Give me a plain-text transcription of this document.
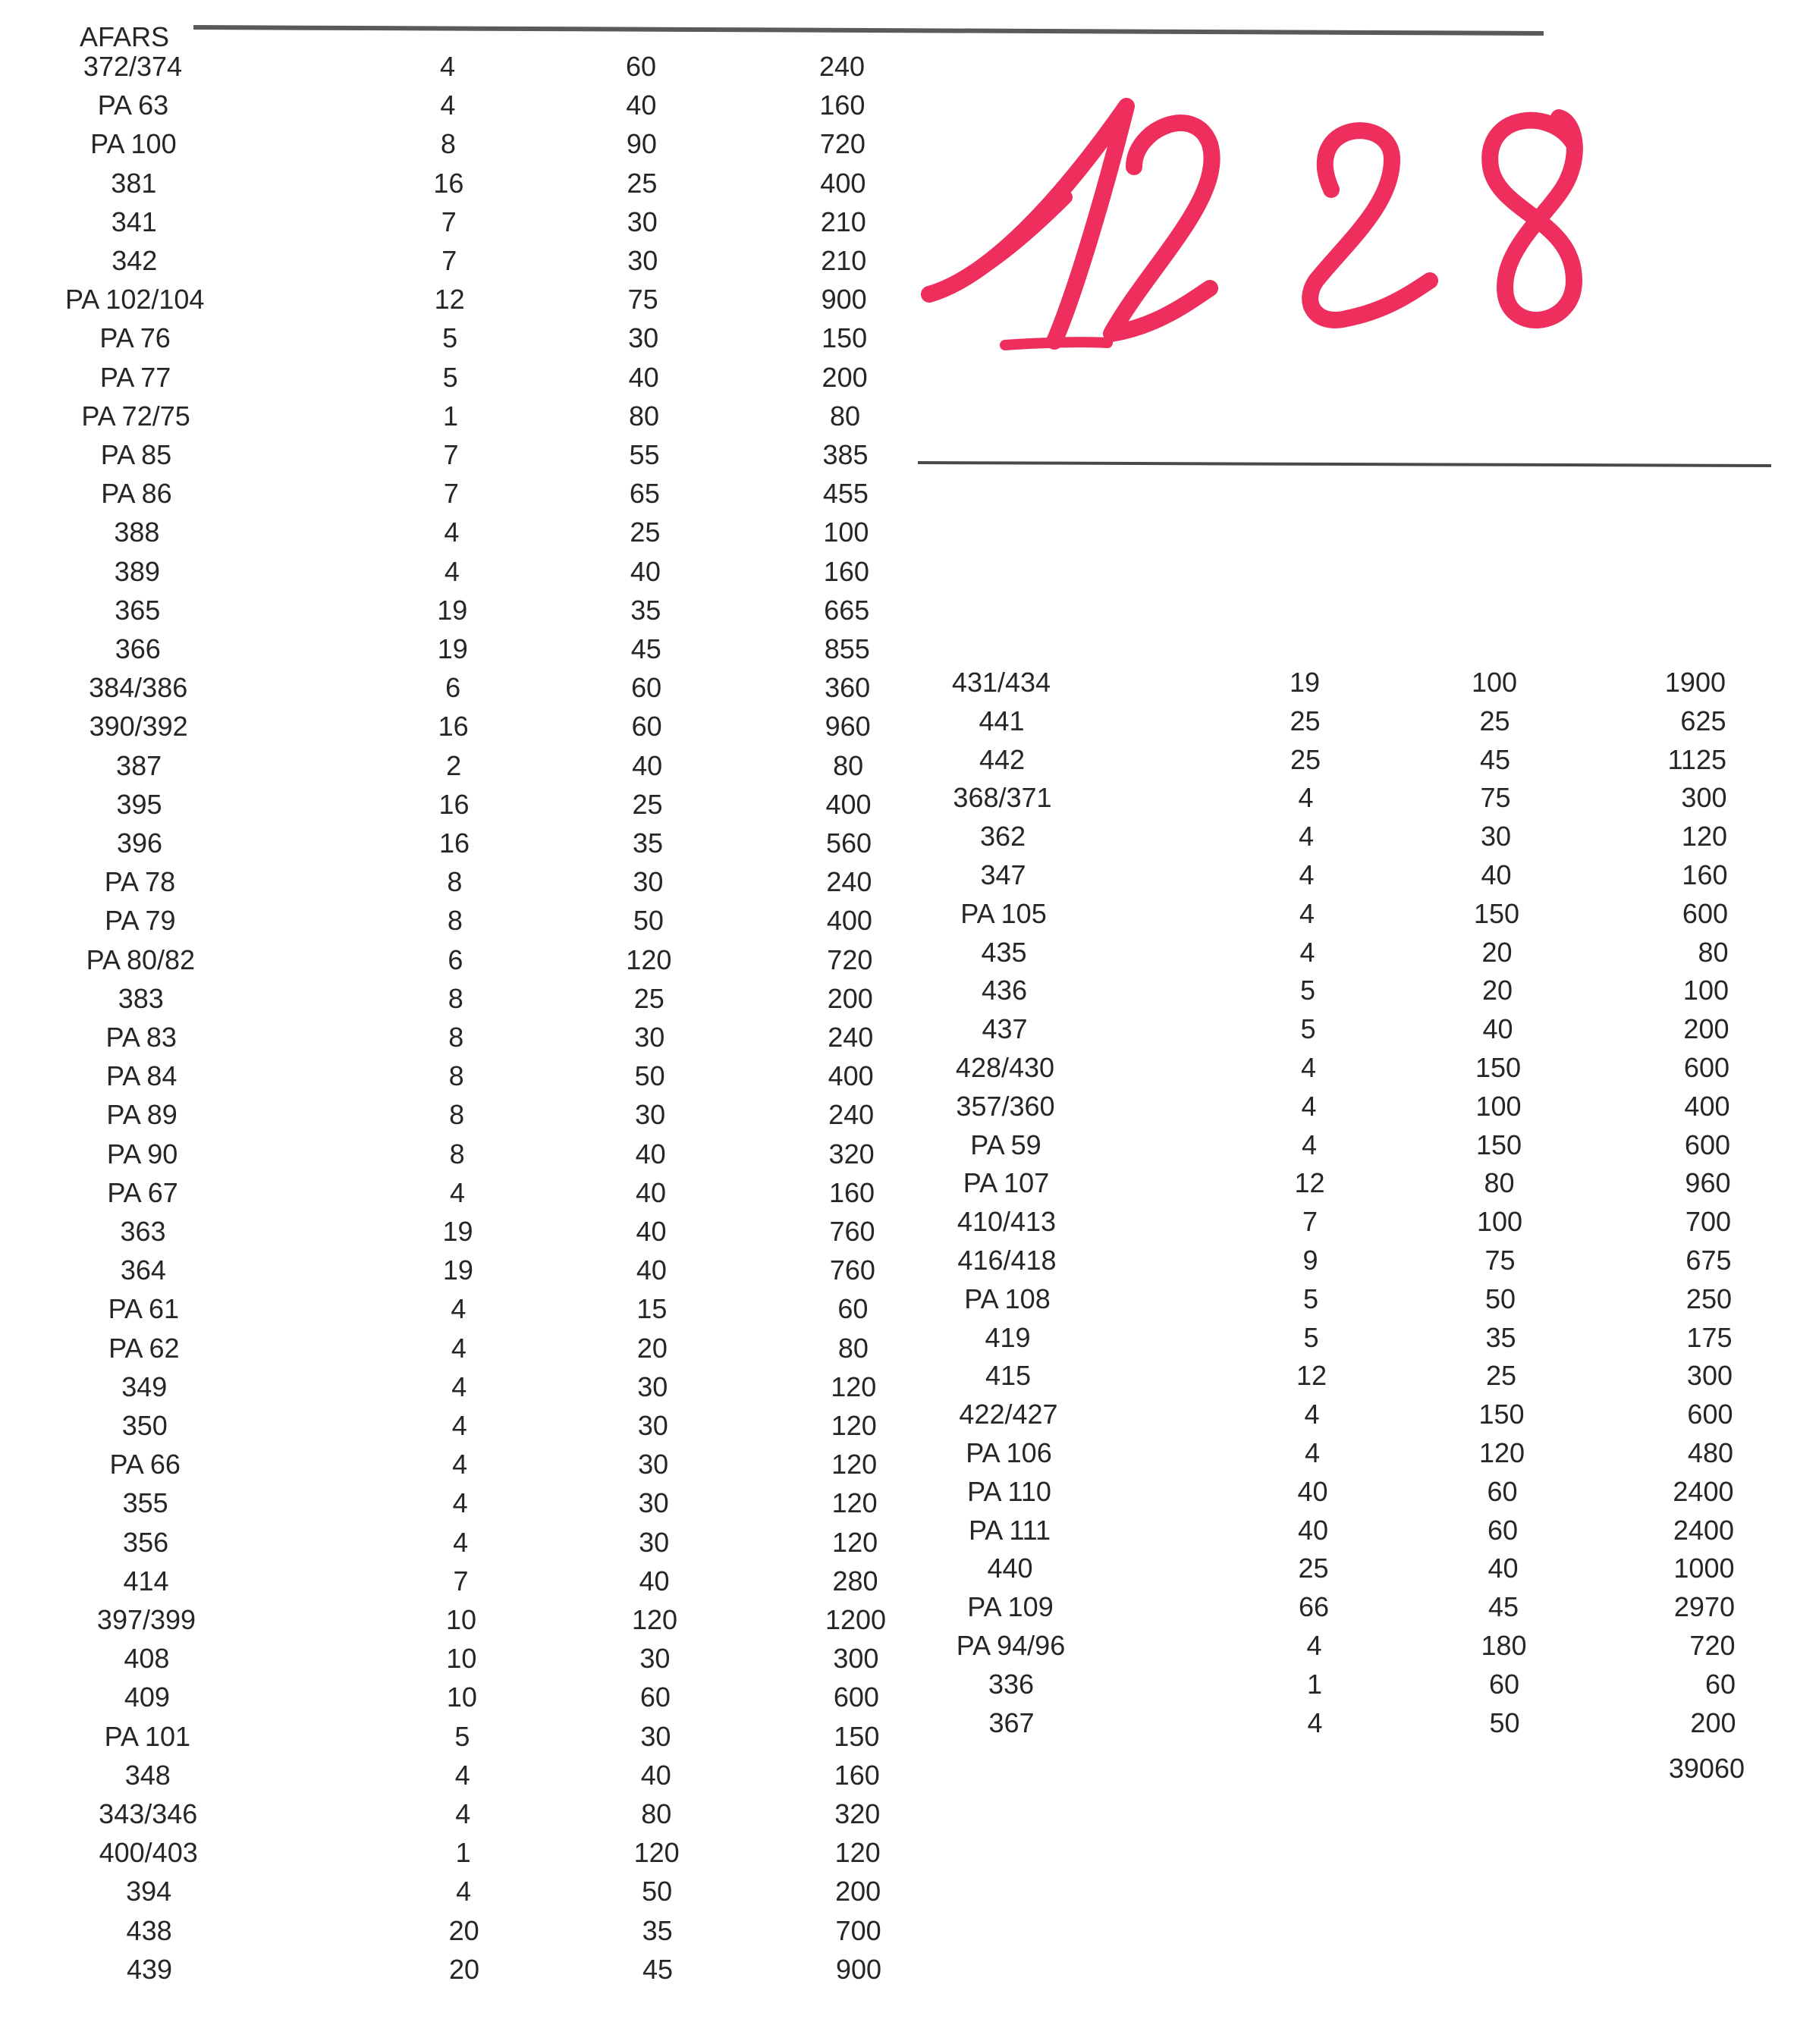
AFARS
372/374	4	60	240
PA 63	4	40	160
PA 100	8	90	720
381	16	25	400
341	7	30	210
342	7	30	210
PA 102/104	12	75	900
PA 76	5	30	150
PA 77	5	40	200
PA 72/75	1	80	80
PA 85	7	55	385
PA 86	7	65	455
388	4	25	100
389	4	40	160
365	19	35	665
366	19	45	855
384/386	6	60	360
390/392	16	60	960
387	2	40	80
395	16	25	400
396	16	35	560
PA 78	8	30	240
PA 79	8	50	400
PA 80/82	6	120	720
383	8	25	200
PA 83	8	30	240
PA 84	8	50	400
PA 89	8	30	240
PA 90	8	40	320
PA 67	4	40	160
363	19	40	760
364	19	40	760
PA 61	4	15	60
PA 62	4	20	80
349	4	30	120
350	4	30	120
PA 66	4	30	120
355	4	30	120
356	4	30	120
414	7	40	280
397/399	10	120	1200
408	10	30	300
409	10	60	600
PA 101	5	30	150
348	4	40	160
343/346	4	80	320
400/403	1	120	120
394	4	50	200
438	20	35	700
439	20	45	900
431/434	19	100	1900
441	25	25	625
442	25	45	1125
368/371	4	75	300
362	4	30	120
347	4	40	160
PA 105	4	150	600
435	4	20	80
436	5	20	100
437	5	40	200
428/430	4	150	600
357/360	4	100	400
PA 59	4	150	600
PA 107	12	80	960
410/413	7	100	700
416/418	9	75	675
PA 108	5	50	250
419	5	35	175
415	12	25	300
422/427	4	150	600
PA 106	4	120	480
PA 110	40	60	2400
PA 111	40	60	2400
440	25	40	1000
PA 109	66	45	2970
PA 94/96	4	180	720
336	1	60	60
367	4	50	200
39060
1228
